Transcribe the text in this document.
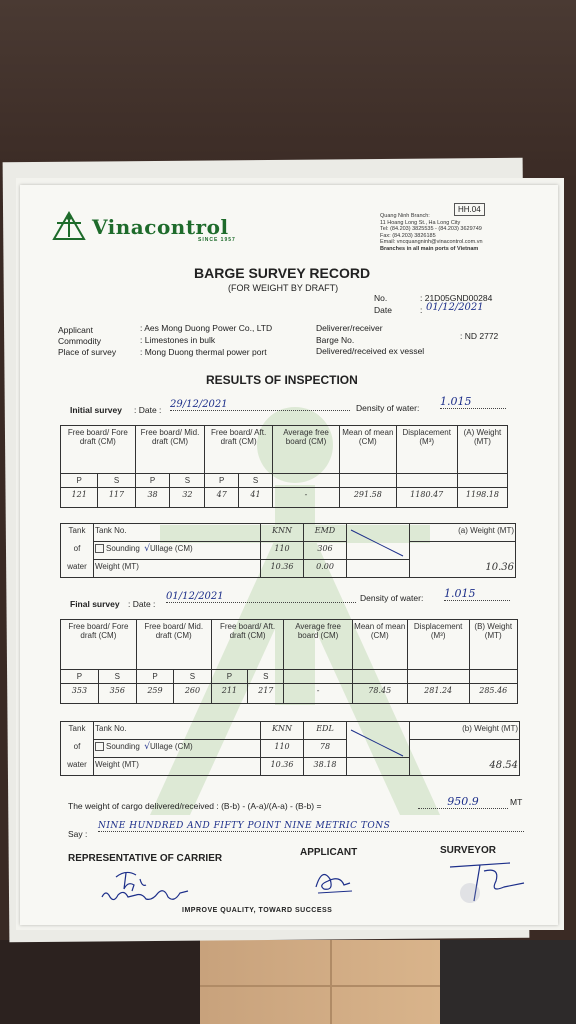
Vinacontrol
SINCE 1957
HH.04
Quang Ninh Branch:
11 Hoang Long St., Ha Long City
Tel: (84.203) 3825535 - (84.203) 3629749
Fax: (84.203) 3826185
Email: vncquangninh@vinacontrol.com.vn
Branches in all main ports of Vietnam
BARGE SURVEY RECORD
(FOR WEIGHT BY DRAFT)
No.	: 21D05GND00284
Date	: 01/12/2021
Applicant	: Aes Mong Duong Power Co., LTD
Commodity	: Limestones in bulk
Place of survey	: Mong Duong thermal power port
Deliverer/receiver
Barge No.	: ND 2772
Delivered/received ex vessel
RESULTS OF INSPECTION
Initial survey : Date : 29/12/2021	Density of water: 1.015
Free board/ Fore draft (CM)		Free board/ Mid. draft (CM)		Free board/ Aft. draft (CM)		Average free board (CM)	Mean of mean (CM)	Displacement (M³)	(A) Weight (MT)
P	S	P	S	P	S				
121	117	38	32	47	41	-	291.58	1180.47	1198.18
Tank	Tank No.	KNN	EMD		(a) Weight (MT)
of	Sounding √Ullage (CM)	110	306		
water	Weight (MT)	10.36	0.00		10.36
Final survey : Date :
01/12/2021	Density of water: 1.015
Free board/ Fore draft (CM)		Free board/ Mid. draft (CM)		Free board/ Aft. draft (CM)		Average free board (CM)	Mean of mean (CM)	Displacement (M³)	(B) Weight (MT)
P	S	P	S	P	S				
353	356	259	260	211	217	-	78.45	281.24	285.46
Tank	Tank No.	KNN	EDL		(b) Weight (MT)
of	Sounding √Ullage (CM)	110	78		
water	Weight (MT)	10.36	38.18		48.54
The weight of cargo delivered/received : (B-b) - (A-a)/(A-a) - (B-b) =	950.9	MT
Say :
NINE HUNDRED AND FIFTY POINT NINE METRIC TONS
REPRESENTATIVE OF CARRIER
APPLICANT	SURVEYOR
IMPROVE QUALITY, TOWARD SUCCESS
